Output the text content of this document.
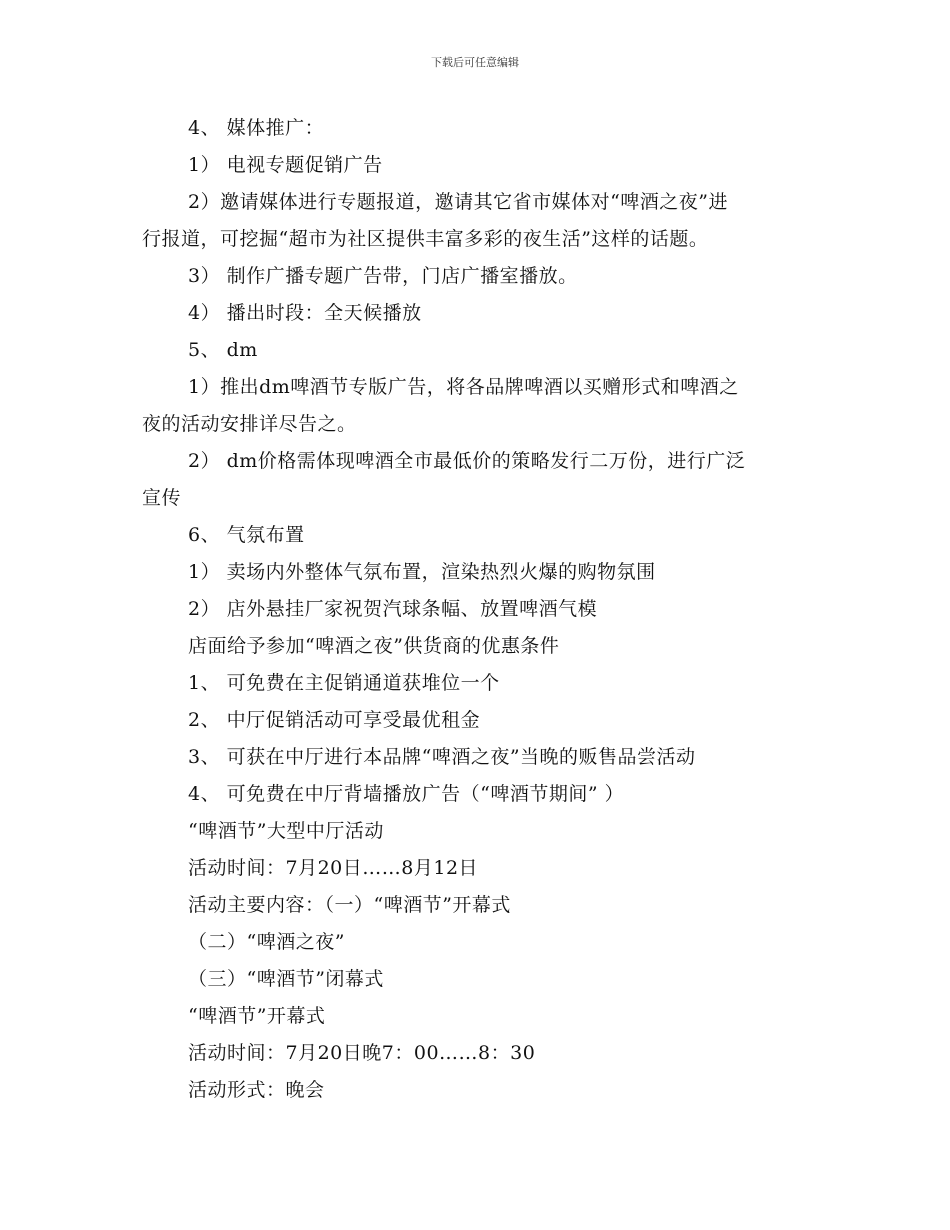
下载后可任意编辑
4、 媒体推广：
1） 电视专题促销广告
2）邀请媒体进行专题报道，邀请其它省市媒体对“啤酒之夜”进
行报道，可挖掘“超市为社区提供丰富多彩的夜生活”这样的话题。
3） 制作广播专题广告带，门店广播室播放。
4） 播出时段：全天候播放
5、 dm
1）推出dm啤酒节专版广告，将各品牌啤酒以买赠形式和啤酒之
夜的活动安排详尽告之。
2） dm价格需体现啤酒全市最低价的策略发行二万份，进行广泛
宣传
6、 气氛布置
1） 卖场内外整体气氛布置，渲染热烈火爆的购物氛围
2） 店外悬挂厂家祝贺汽球条幅、放置啤酒气模
店面给予参加“啤酒之夜”供货商的优惠条件
1、 可免费在主促销通道获堆位一个
2、 中厅促销活动可享受最优租金
3、 可获在中厅进行本品牌“啤酒之夜”当晚的贩售品尝活动
4、 可免费在中厅背墙播放广告（“啤酒节期间” ）
“啤酒节”大型中厅活动
活动时间：7月20日……8月12日
活动主要内容：（一）“啤酒节”开幕式
（二）“啤酒之夜”
（三）“啤酒节”闭幕式
“啤酒节”开幕式
活动时间：7月20日晚7：00……8：30
活动形式：晚会
